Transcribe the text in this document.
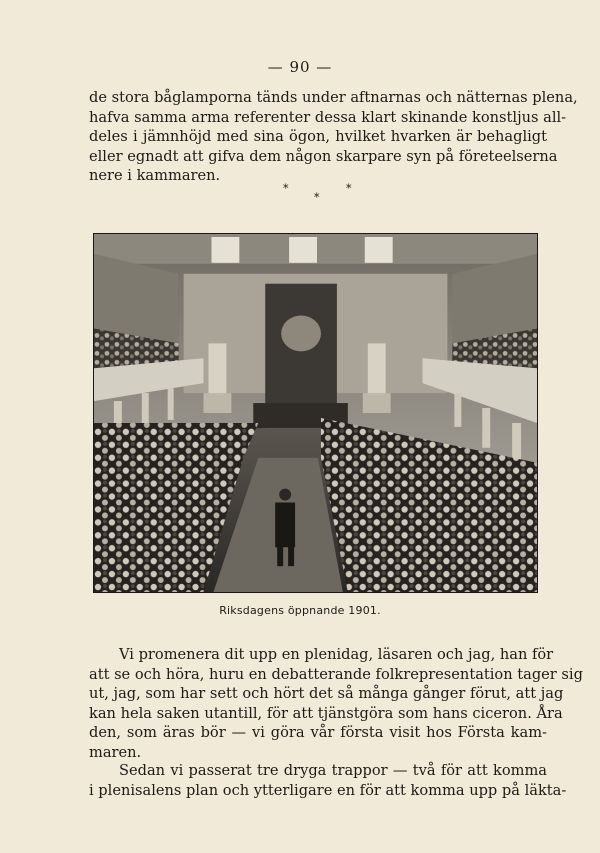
— 90 —

de stora båglamporna tänds under aftnarnas och nätternas plena,
hafva samma arma referenter dessa klart skinande konstljus all-
deles i jämnhöjd med sina ögon, hvilket hvarken är behagligt
eller egnadt att gifva dem någon skarpare syn på företeelserna
nere i kammaren.

*	*
*
Riksdagens öppnande 1901.

Vi promenera dit upp en plenidag, läsaren och jag, han för
att se och höra, huru en debatterande folkrepresentation tager sig
ut, jag, som har sett och hört det så många gånger förut, att jag
kan hela saken utantill, för att tjänstgöra som hans ciceron. Åra
den, som äras bör — vi göra vår första visit hos Första kam-
maren.

Sedan vi passerat tre dryga trappor — två för att komma
i plenisalens plan och ytterligare en för att komma upp på läkta-
